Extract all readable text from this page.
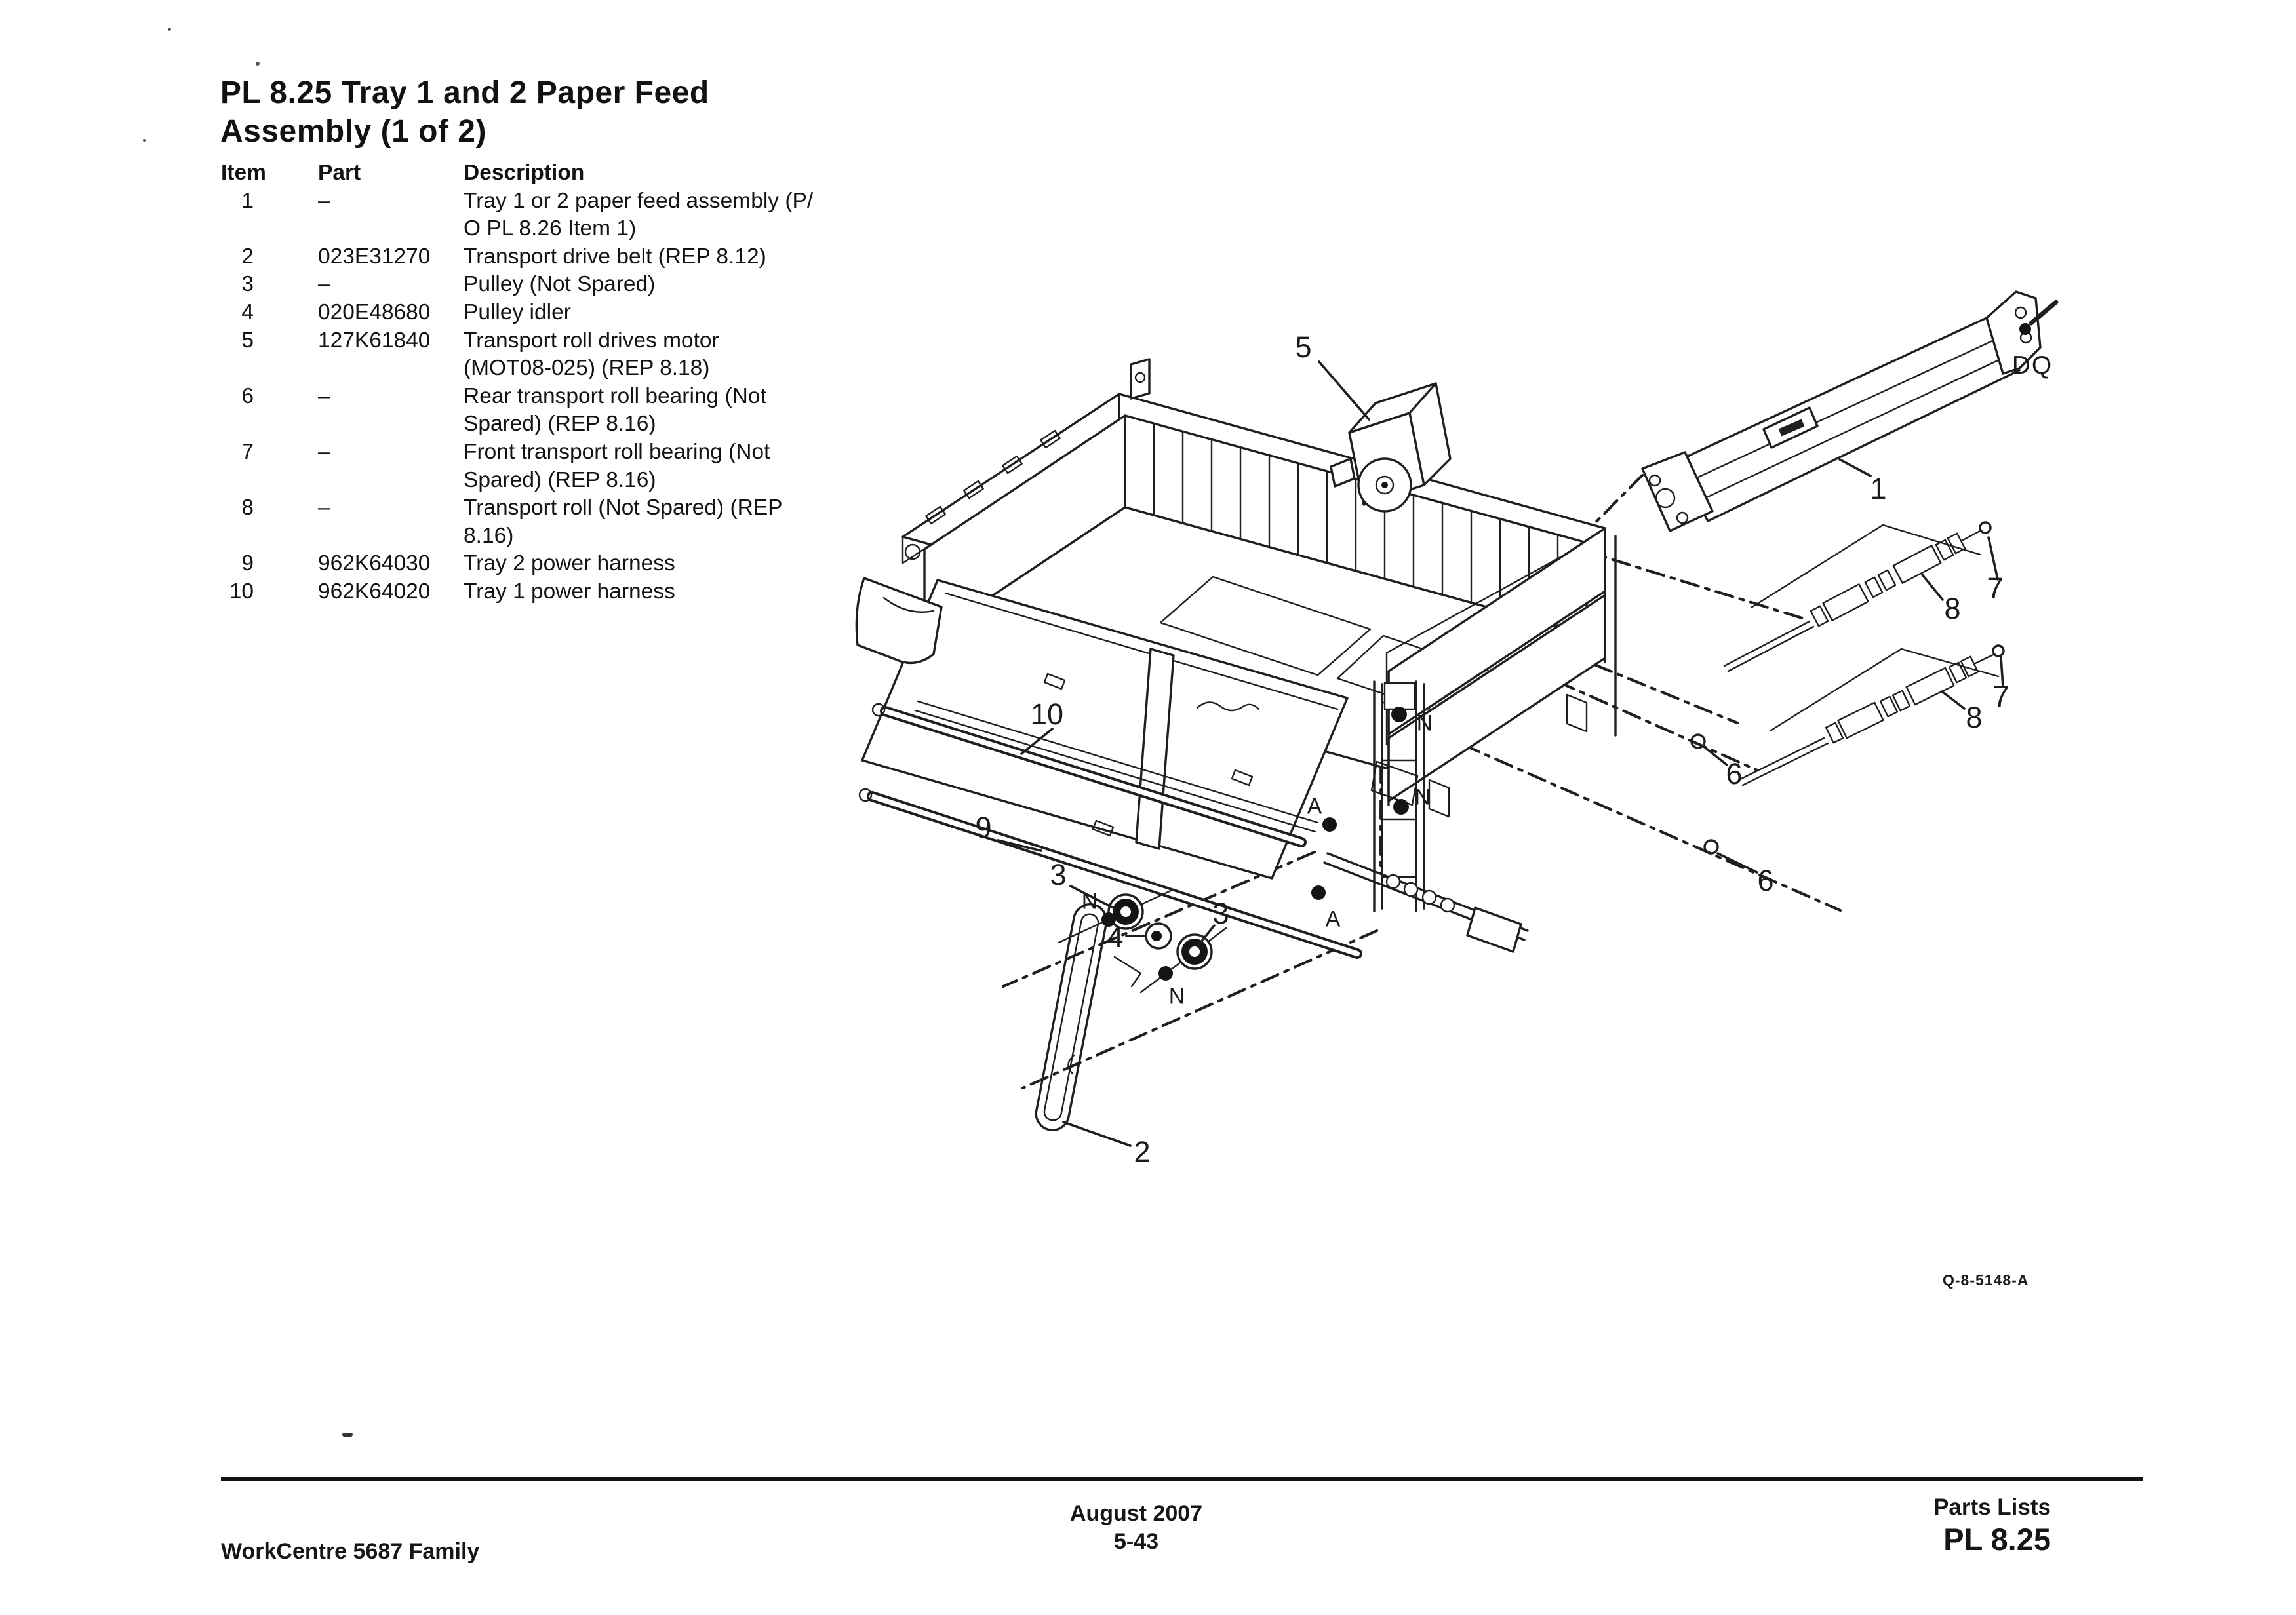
PL 8.25 Tray 1 and 2 Paper Feed
Assembly (1 of 2)
Item	Part	Description
1	–	Tray 1 or 2 paper feed assembly (P/
O PL 8.26 Item 1)
2	023E31270	Transport drive belt (REP 8.12)
3	–	Pulley (Not Spared)
4	020E48680	Pulley idler
5	127K61840	Transport roll drives motor
(MOT08-025) (REP 8.18)
6	–	Rear transport roll bearing (Not
Spared) (REP 8.16)
7	–	Front transport roll bearing (Not
Spared) (REP 8.16)
8	–	Transport roll (Not Spared) (REP
8.16)
9	962K64030	Tray 2 power harness
10	962K64020	Tray 1 power harness
5
1
DQ
8
7
8
7
6
6
10
9
3
N
4
3
A
N
N
A
N
2
Q-8-5148-A
WorkCentre 5687 Family
August 2007
5-43
Parts Lists
PL 8.25
